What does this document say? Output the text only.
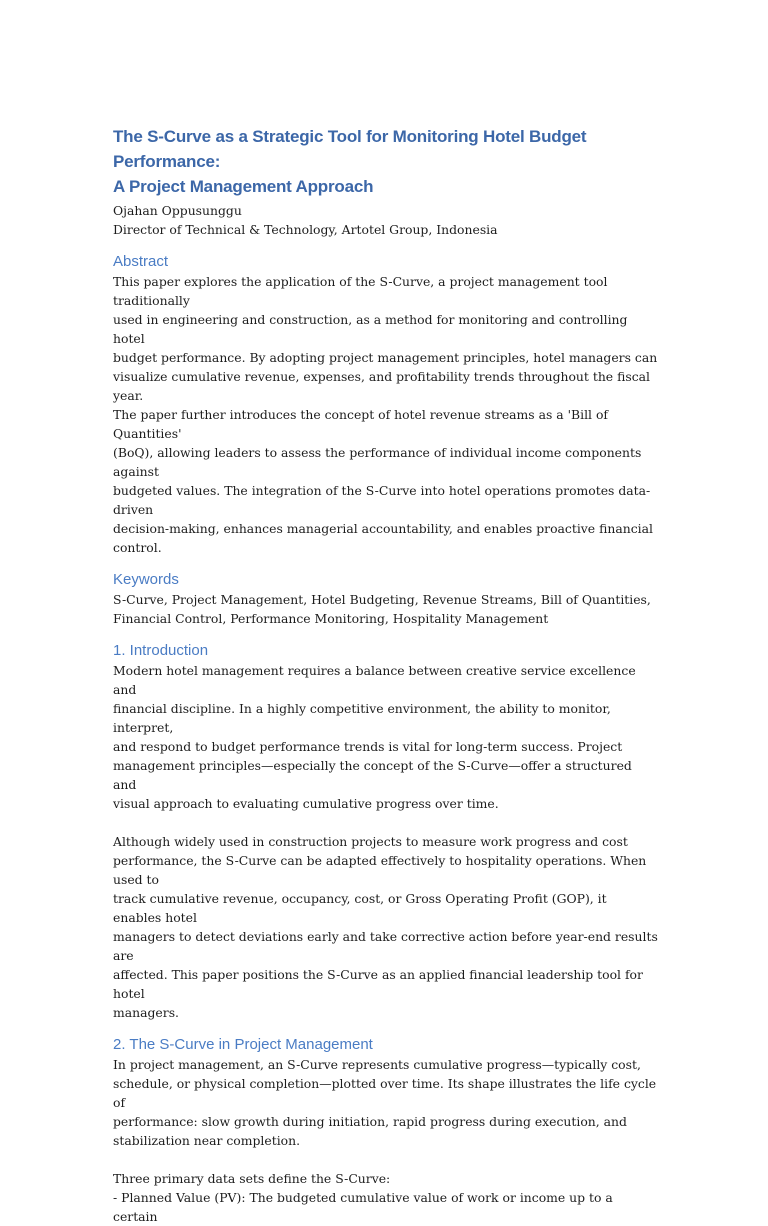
The S-Curve as a Strategic Tool for Monitoring Hotel Budget Performance:
A Project Management Approach

Ojahan Oppusunggu

Director of Technical & Technology, Artotel Group, Indonesia

Abstract

This paper explores the application of the S-Curve, a project management tool traditionally
used in engineering and construction, as a method for monitoring and controlling hotel
budget performance. By adopting project management principles, hotel managers can
visualize cumulative revenue, expenses, and profitability trends throughout the fiscal year.
The paper further introduces the concept of hotel revenue streams as a 'Bill of Quantities'
(BoQ), allowing leaders to assess the performance of individual income components against
budgeted values. The integration of the S-Curve into hotel operations promotes data-driven
decision-making, enhances managerial accountability, and enables proactive financial
control.

Keywords

S-Curve, Project Management, Hotel Budgeting, Revenue Streams, Bill of Quantities,
Financial Control, Performance Monitoring, Hospitality Management

1. Introduction

Modern hotel management requires a balance between creative service excellence and
financial discipline. In a highly competitive environment, the ability to monitor, interpret,
and respond to budget performance trends is vital for long-term success. Project
management principles—especially the concept of the S-Curve—offer a structured and
visual approach to evaluating cumulative progress over time.

Although widely used in construction projects to measure work progress and cost
performance, the S-Curve can be adapted effectively to hospitality operations. When used to
track cumulative revenue, occupancy, cost, or Gross Operating Profit (GOP), it enables hotel
managers to detect deviations early and take corrective action before year-end results are
affected. This paper positions the S-Curve as an applied financial leadership tool for hotel
managers.

2. The S-Curve in Project Management

In project management, an S-Curve represents cumulative progress—typically cost,
schedule, or physical completion—plotted over time. Its shape illustrates the life cycle of
performance: slow growth during initiation, rapid progress during execution, and
stabilization near completion.

Three primary data sets define the S-Curve:
- Planned Value (PV): The budgeted cumulative value of work or income up to a certain
